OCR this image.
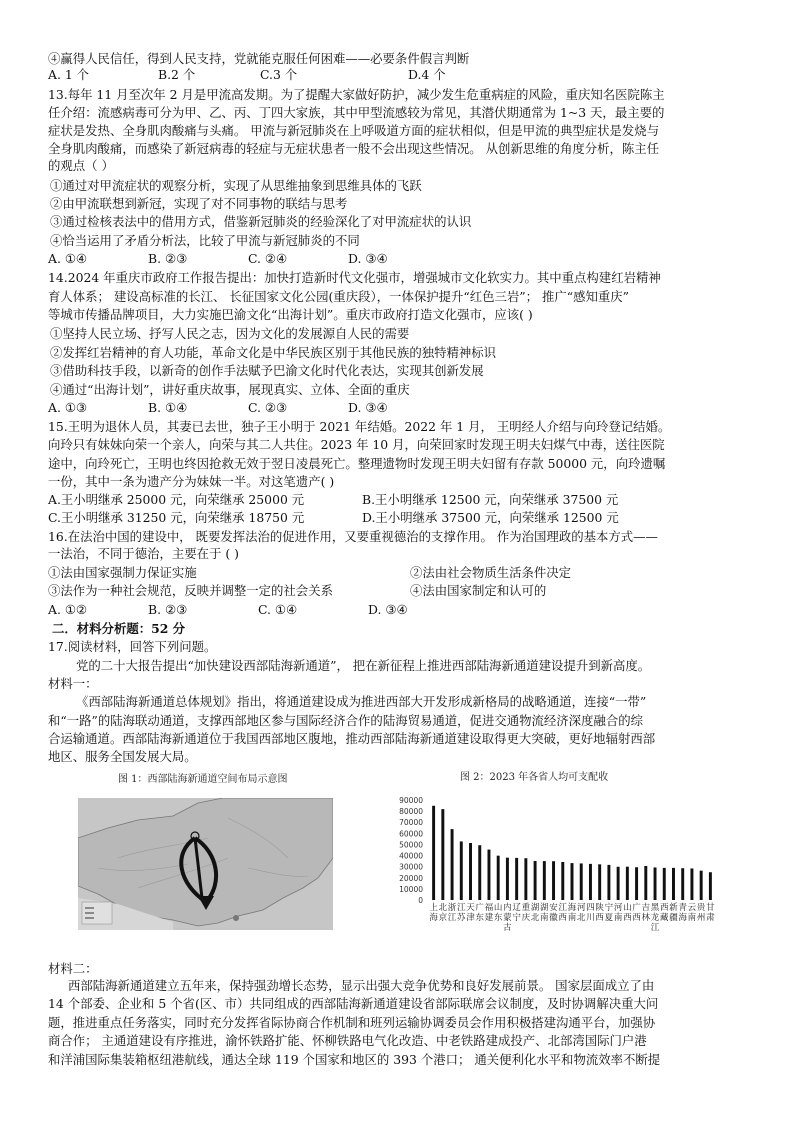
④赢得人民信任，得到人民支持，党就能克服任何困难——必要条件假言判断
A. 1 个	B.2 个	C.3 个	D.4 个
13.每年 11 月至次年 2 月是甲流高发期。为了提醒大家做好防护，减少发生危重病症的风险，重庆知名医院陈主
任介绍：流感病毒可分为甲、乙、丙、丁四大家族，其中甲型流感较为常见，其潜伏期通常为 1~3 天，最主要的
症状是发热、全身肌肉酸痛与头痛。 甲流与新冠肺炎在上呼吸道方面的症状相似，但是甲流的典型症状是发烧与
全身肌肉酸痛，而感染了新冠病毒的轻症与无症状患者一般不会出现这些情况。 从创新思维的角度分析，陈主任
的观点（ ）
①通过对甲流症状的观察分析，实现了从思维抽象到思维具体的飞跃
②由甲流联想到新冠，实现了对不同事物的联结与思考
③通过检核表法中的借用方式，借鉴新冠肺炎的经验深化了对甲流症状的认识
④恰当运用了矛盾分析法，比较了甲流与新冠肺炎的不同
A. ①④	B. ②③	C. ②④	D. ③④
14.2024 年重庆市政府工作报告提出：加快打造新时代文化强市，增强城市文化软实力。其中重点构建红岩精神
育人体系； 建设高标准的长江、 长征国家文化公园(重庆段），一体保护提升“红色三岩”； 推广“感知重庆”
等城市传播品牌项目，大力实施巴渝文化“出海计划”。重庆市政府打造文化强市，应该( )
①坚持人民立场、抒写人民之志，因为文化的发展源自人民的需要
②发挥红岩精神的育人功能，革命文化是中华民族区别于其他民族的独特精神标识
③借助科技手段，以新奇的创作手法赋予巴渝文化时代化表达，实现其创新发展
④通过“出海计划”，讲好重庆故事，展现真实、立体、全面的重庆
A. ①③	B. ①④	C. ②③	D. ③④
15.王明为退休人员，其妻已去世，独子王小明于 2021 年结婚。2022 年 1 月， 王明经人介绍与向玲登记结婚。
向玲只有妹妹向荣一个亲人，向荣与其二人共住。2023 年 10 月，向荣回家时发现王明夫妇煤气中毒，送往医院
途中，向玲死亡，王明也终因抢救无效于翌日凌晨死亡。整理遗物时发现王明夫妇留有存款 50000 元，向玲遗嘱
一份，其中一条为遗产分为妹妹一半。对这笔遗产( )
A.王小明继承 25000 元，向荣继承 25000 元	B.王小明继承 12500 元，向荣继承 37500 元
C.王小明继承 31250 元，向荣继承 18750 元	D.王小明继承 37500 元，向荣继承 12500 元
16.在法治中国的建设中， 既要发挥法治的促进作用，又要重视德治的支撑作用。 作为治国理政的基本方式——
一法治，不同于德治，主要在于 ( )
①法由国家强制力保证实施	②法由社会物质生活条件决定
③法作为一种社会规范，反映并调整一定的社会关系	④法由国家制定和认可的
A. ①②	B. ②③	C. ①④	D. ③④
二．材料分析题：52 分
17.阅读材料，回答下列问题。
党的二十大报告提出“加快建设西部陆海新通道”， 把在新征程上推进西部陆海新通道建设提升到新高度。
材料一：
《西部陆海新通道总体规划》指出，将通道建设成为推进西部大开发形成新格局的战略通道，连接“一带”
和“一路”的陆海联动通道，支撑西部地区参与国际经济合作的陆海贸易通道，促进交通物流经济深度融合的综
合运输通道。西部陆海新通道位于我国西部地区腹地，推动西部陆海新通道建设取得更大突破，更好地辐射西部
地区、服务全国发展大局。
图 1：西部陆海新通道空间布局示意图	图 2：2023 年各省人均可支配收
0
10000
20000
30000
40000
50000
60000
70000
80000
90000
上海
北京
浙江
江苏
天津
广东
福建
山东
内蒙古
辽宁
重庆
湖北
湖南
安徽
江西
海南
河北
四川
陕西
宁夏
河南
山西
广西
吉林
黑龙江
西藏
新疆
青海
云南
贵州
甘肃
材料二：
西部陆海新通道建立五年来，保持强劲增长态势，显示出强大竞争优势和良好发展前景。 国家层面成立了由
14 个部委、企业和 5 个省(区、市）共同组成的西部陆海新通道建设省部际联席会议制度，及时协调解决重大问
题，推进重点任务落实，同时充分发挥省际协商合作机制和班列运输协调委员会作用积极搭建沟通平台，加强协
商合作； 主通道建设有序推进，渝怀铁路扩能、怀柳铁路电气化改造、中老铁路建成投产、北部湾国际门户港
和洋浦国际集装箱枢纽港航线，通达全球 119 个国家和地区的 393 个港口； 通关便利化水平和物流效率不断提
